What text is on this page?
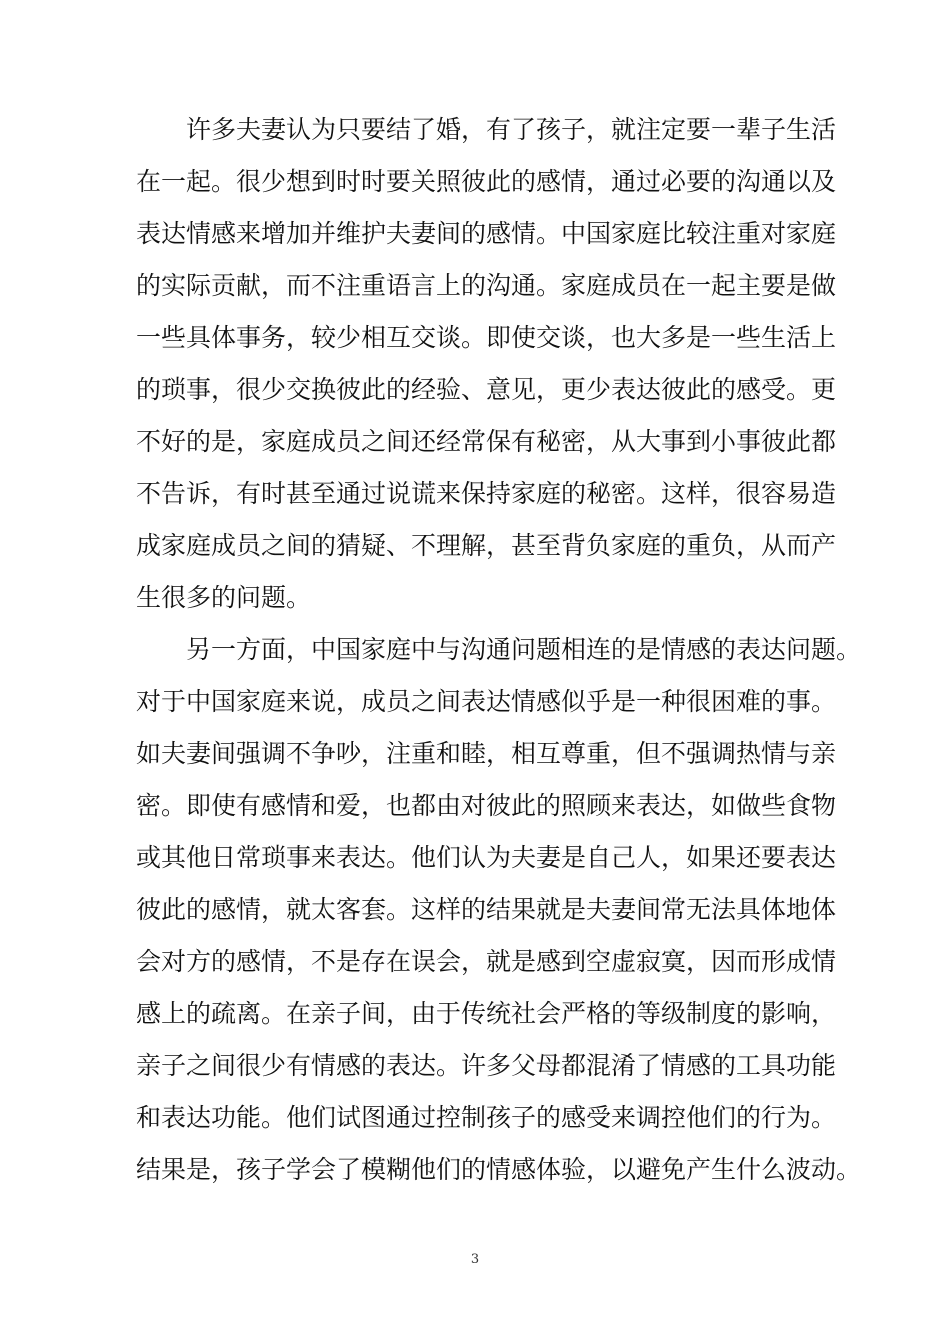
许多夫妻认为只要结了婚，有了孩子，就注定要一辈子生活
在一起。很少想到时时要关照彼此的感情，通过必要的沟通以及
表达情感来增加并维护夫妻间的感情。中国家庭比较注重对家庭
的实际贡献，而不注重语言上的沟通。家庭成员在一起主要是做
一些具体事务，较少相互交谈。即使交谈，也大多是一些生活上
的琐事，很少交换彼此的经验、意见，更少表达彼此的感受。更
不好的是，家庭成员之间还经常保有秘密，从大事到小事彼此都
不告诉，有时甚至通过说谎来保持家庭的秘密。这样，很容易造
成家庭成员之间的猜疑、不理解，甚至背负家庭的重负，从而产
生很多的问题。
另一方面，中国家庭中与沟通问题相连的是情感的表达问题。
对于中国家庭来说，成员之间表达情感似乎是一种很困难的事。
如夫妻间强调不争吵，注重和睦，相互尊重，但不强调热情与亲
密。即使有感情和爱，也都由对彼此的照顾来表达，如做些食物
或其他日常琐事来表达。他们认为夫妻是自己人，如果还要表达
彼此的感情，就太客套。这样的结果就是夫妻间常无法具体地体
会对方的感情，不是存在误会，就是感到空虚寂寞，因而形成情
感上的疏离。在亲子间，由于传统社会严格的等级制度的影响，
亲子之间很少有情感的表达。许多父母都混淆了情感的工具功能
和表达功能。他们试图通过控制孩子的感受来调控他们的行为。
结果是，孩子学会了模糊他们的情感体验，以避免产生什么波动。
3
